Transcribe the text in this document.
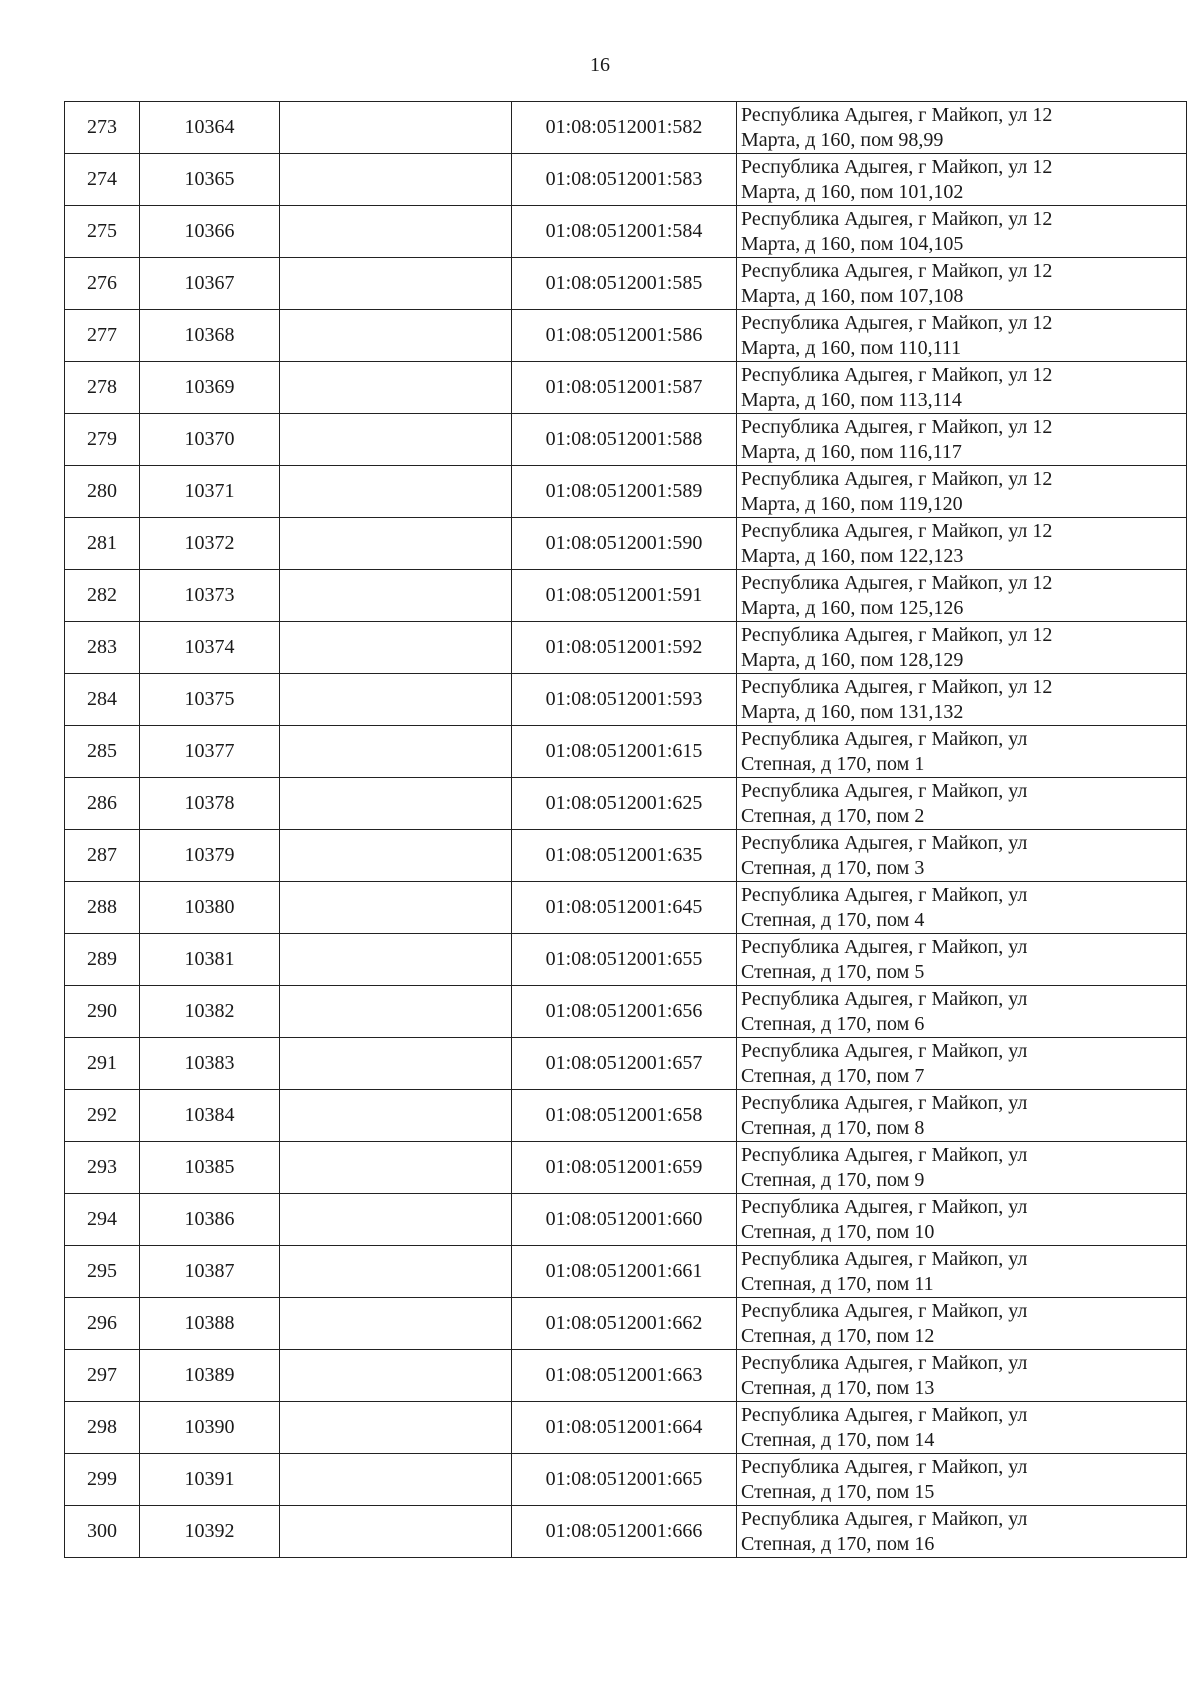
16
273	10364		01:08:0512001:582	Республика Адыгея, г Майкоп, ул 12
Марта, д 160, пом 98,99

274	10365		01:08:0512001:583	Республика Адыгея, г Майкоп, ул 12
Марта, д 160, пом 101,102

275	10366		01:08:0512001:584	Республика Адыгея, г Майкоп, ул 12
Марта, д 160, пом 104,105

276	10367		01:08:0512001:585	Республика Адыгея, г Майкоп, ул 12
Марта, д 160, пом 107,108

277	10368		01:08:0512001:586	Республика Адыгея, г Майкоп, ул 12
Марта, д 160, пом 110,111

278	10369		01:08:0512001:587	Республика Адыгея, г Майкоп, ул 12
Марта, д 160, пом 113,114

279	10370		01:08:0512001:588	Республика Адыгея, г Майкоп, ул 12
Марта, д 160, пом 116,117

280	10371		01:08:0512001:589	Республика Адыгея, г Майкоп, ул 12
Марта, д 160, пом 119,120

281	10372		01:08:0512001:590	Республика Адыгея, г Майкоп, ул 12
Марта, д 160, пом 122,123

282	10373		01:08:0512001:591	Республика Адыгея, г Майкоп, ул 12
Марта, д 160, пом 125,126

283	10374		01:08:0512001:592	Республика Адыгея, г Майкоп, ул 12
Марта, д 160, пом 128,129

284	10375		01:08:0512001:593	Республика Адыгея, г Майкоп, ул 12
Марта, д 160, пом 131,132

285	10377		01:08:0512001:615	Республика Адыгея, г Майкоп, ул
Степная, д 170, пом 1

286	10378		01:08:0512001:625	Республика Адыгея, г Майкоп, ул
Степная, д 170, пом 2

287	10379		01:08:0512001:635	Республика Адыгея, г Майкоп, ул
Степная, д 170, пом 3

288	10380		01:08:0512001:645	Республика Адыгея, г Майкоп, ул
Степная, д 170, пом 4

289	10381		01:08:0512001:655	Республика Адыгея, г Майкоп, ул
Степная, д 170, пом 5

290	10382		01:08:0512001:656	Республика Адыгея, г Майкоп, ул
Степная, д 170, пом 6

291	10383		01:08:0512001:657	Республика Адыгея, г Майкоп, ул
Степная, д 170, пом 7

292	10384		01:08:0512001:658	Республика Адыгея, г Майкоп, ул
Степная, д 170, пом 8

293	10385		01:08:0512001:659	Республика Адыгея, г Майкоп, ул
Степная, д 170, пом 9

294	10386		01:08:0512001:660	Республика Адыгея, г Майкоп, ул
Степная, д 170, пом 10

295	10387		01:08:0512001:661	Республика Адыгея, г Майкоп, ул
Степная, д 170, пом 11

296	10388		01:08:0512001:662	Республика Адыгея, г Майкоп, ул
Степная, д 170, пом 12

297	10389		01:08:0512001:663	Республика Адыгея, г Майкоп, ул
Степная, д 170, пом 13

298	10390		01:08:0512001:664	Республика Адыгея, г Майкоп, ул
Степная, д 170, пом 14

299	10391		01:08:0512001:665	Республика Адыгея, г Майкоп, ул
Степная, д 170, пом 15

300	10392		01:08:0512001:666	Республика Адыгея, г Майкоп, ул
Степная, д 170, пом 16
